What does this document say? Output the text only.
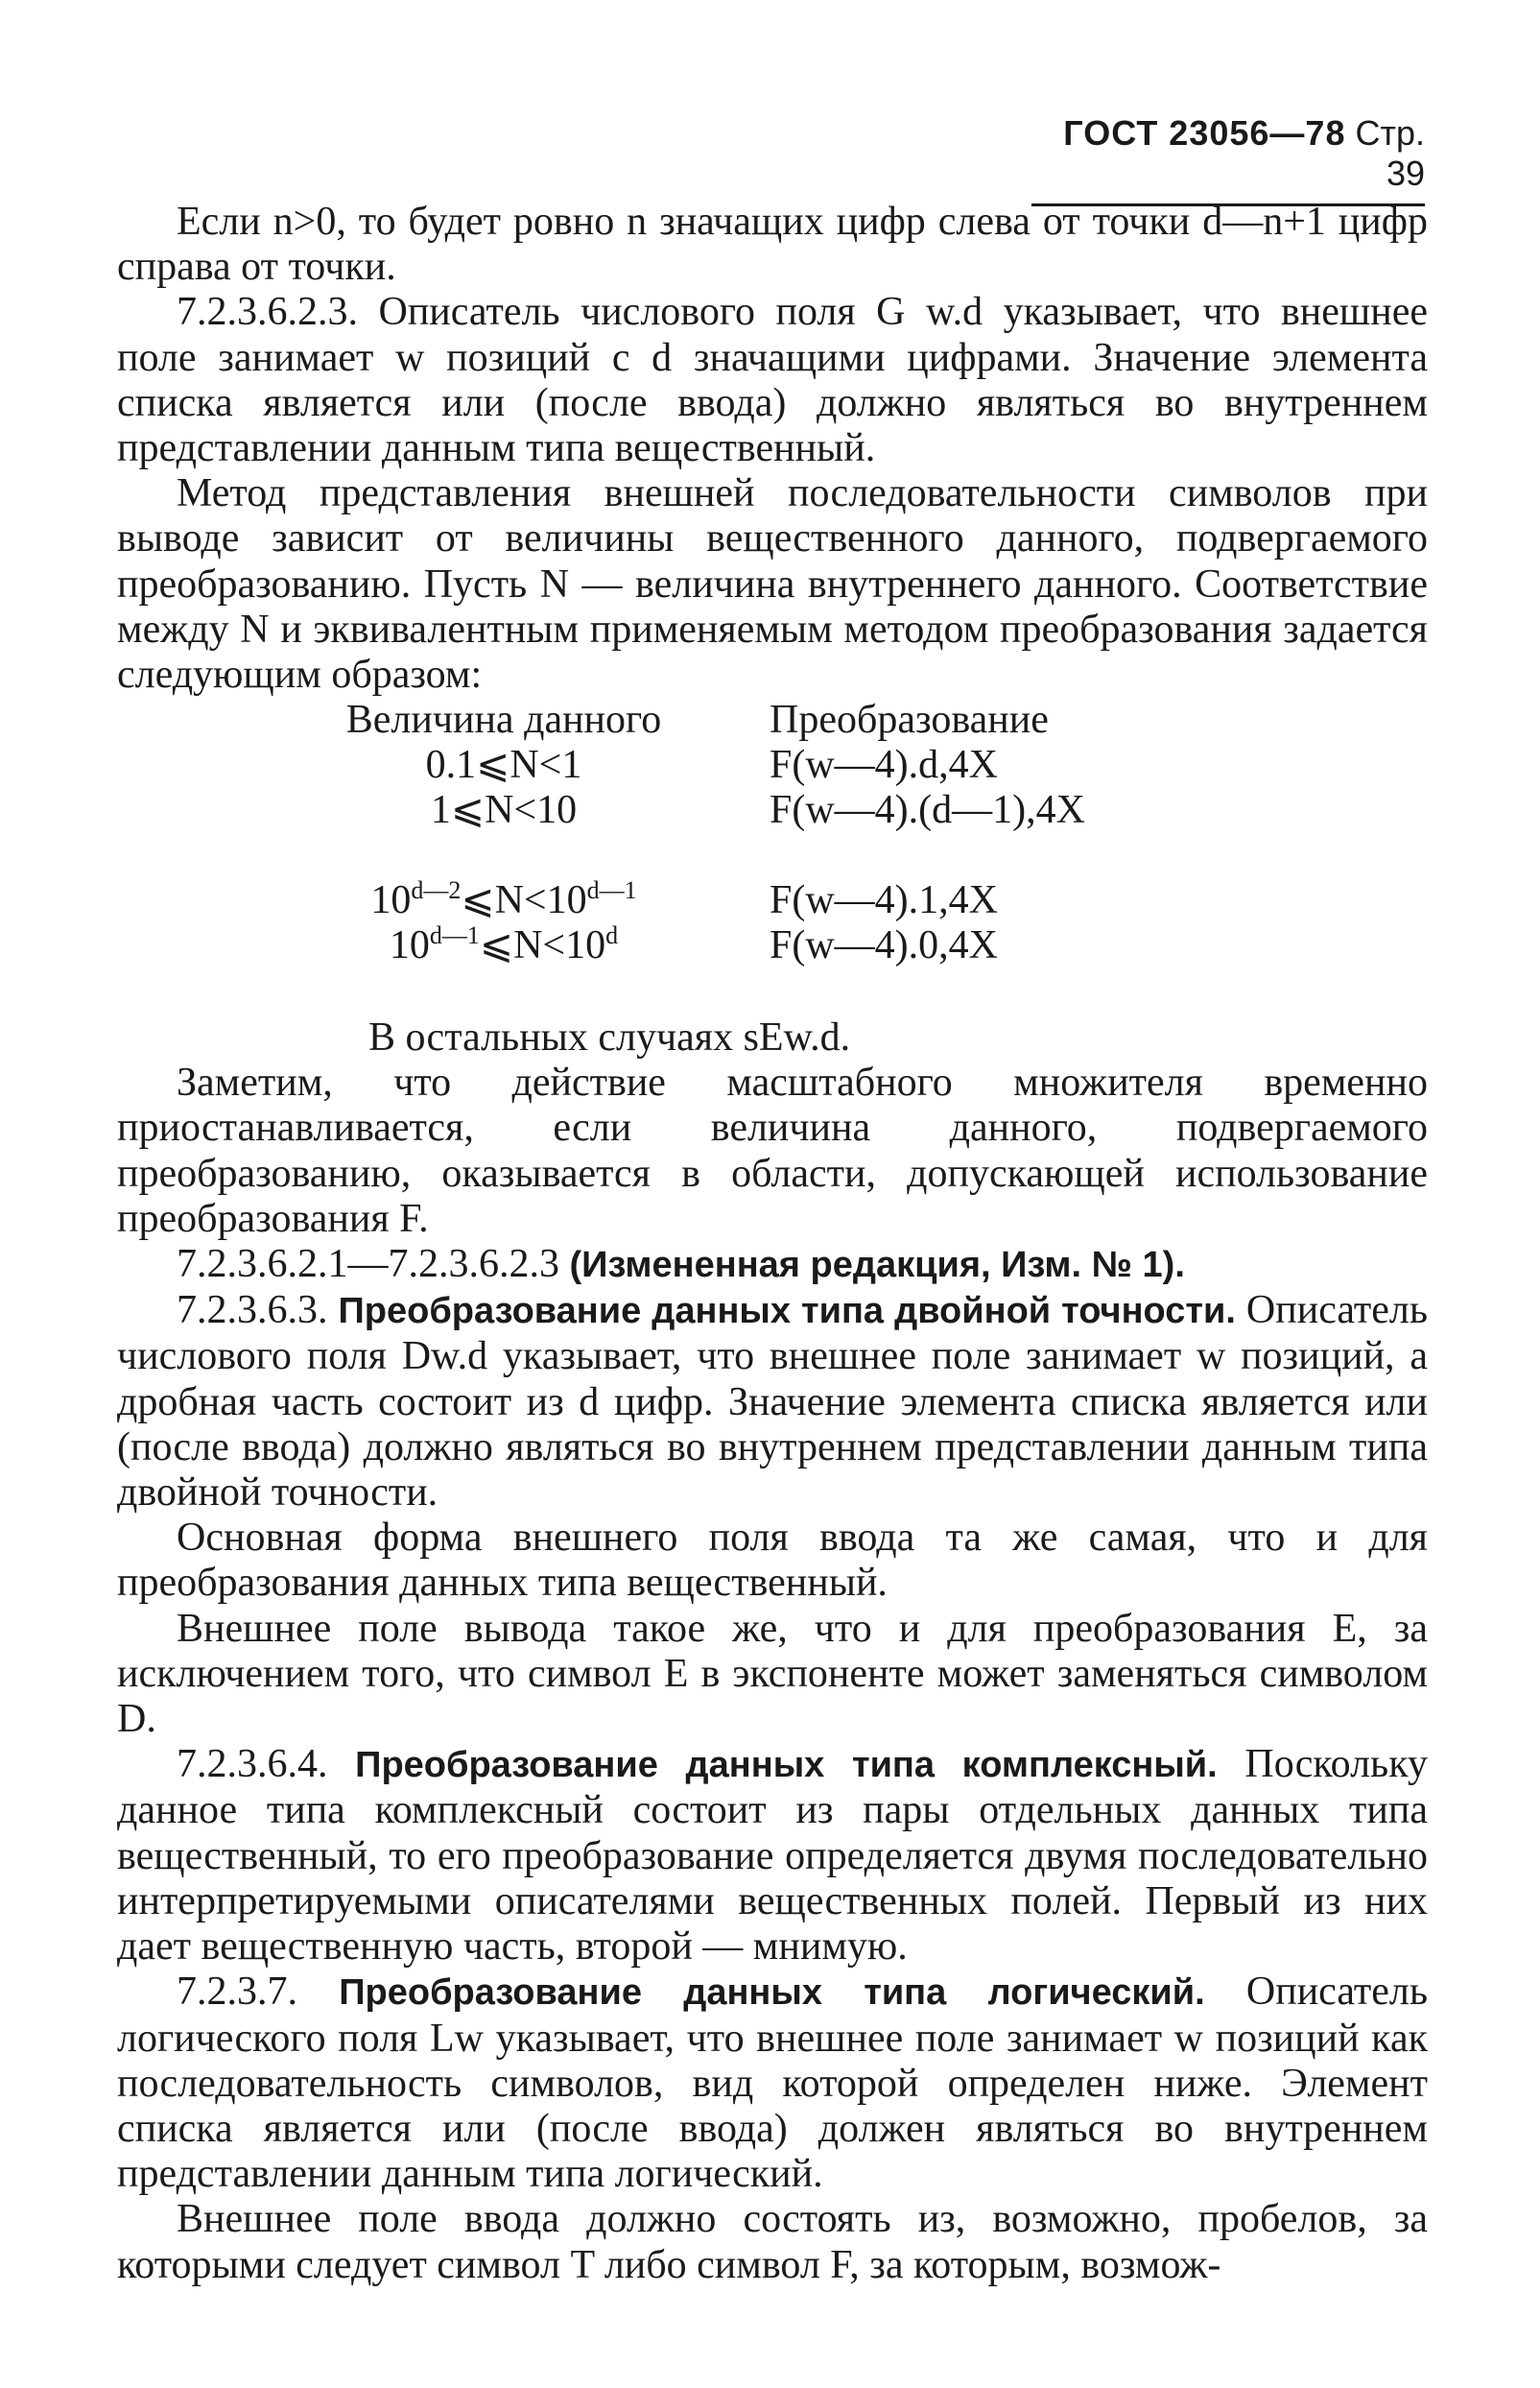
ГОСТ 23056—78 Стр. 39

Если n>0, то будет ровно n значащих цифр слева от точки d—n+1 цифр справа от точки.

7.2.3.6.2.3. Описатель числового поля G w.d указывает, что внешнее поле занимает w позиций с d значащими цифрами. Значение элемента списка является или (после ввода) должно являться во внутреннем представлении данным типа вещественный.

Метод представления внешней последовательности символов при выводе зависит от величины вещественного данного, подвергаемого преобразованию. Пусть N — величина внутреннего данного. Соответствие между N и эквивалентным применяемым методом преобразования задается следующим образом:

Величина данного	Преобразование
0.1⩽N<1	F(w—4).d,4X
1⩽N<10	F(w—4).(d—1),4X
$10^{d—2}⩽N<10^{d—1}$	F(w—4).1,4X
$10^{d—1}⩽N<10^d$	F(w—4).0,4X
В остальных случаях sEw.d.

Заметим, что действие масштабного множителя временно приостанавливается, если величина данного, подвергаемого преобразованию, оказывается в области, допускающей использование преобразования F.

7.2.3.6.2.1—7.2.3.6.2.3 (Измененная редакция, Изм. № 1).

7.2.3.6.3. Преобразование данных типа двойной точности. Описатель числового поля Dw.d указывает, что внешнее поле занимает w позиций, а дробная часть состоит из d цифр. Значение элемента списка является или (после ввода) должно являться во внутреннем представлении данным типа двойной точности.

Основная форма внешнего поля ввода та же самая, что и для преобразования данных типа вещественный.

Внешнее поле вывода такое же, что и для преобразования E, за исключением того, что символ E в экспоненте может заменяться символом D.

7.2.3.6.4. Преобразование данных типа комплексный. Поскольку данное типа комплексный состоит из пары отдельных данных типа вещественный, то его преобразование определяется двумя последовательно интерпретируемыми описателями вещественных полей. Первый из них дает вещественную часть, второй — мнимую.

7.2.3.7. Преобразование данных типа логический. Описатель логического поля Lw указывает, что внешнее поле занимает w позиций как последовательность символов, вид которой определен ниже. Элемент списка является или (после ввода) должен являться во внутреннем представлении данным типа логический.

Внешнее поле ввода должно состоять из, возможно, пробелов, за которыми следует символ T либо символ F, за которым, возмож-
